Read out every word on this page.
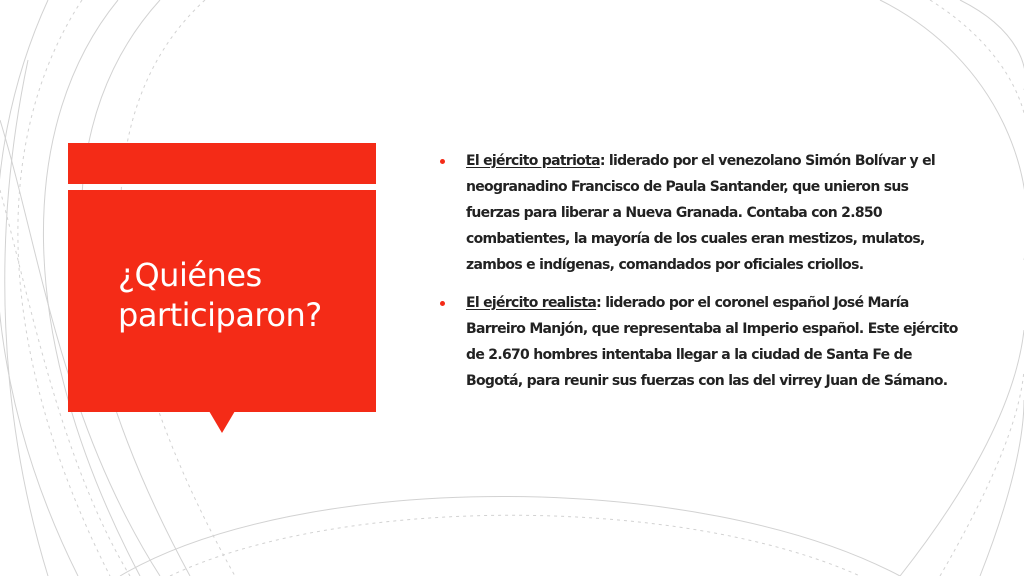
¿Quiénes participaron?
El ejército patriota: liderado por el venezolano Simón Bolívar y el neogranadino Francisco de Paula Santander, que unieron sus fuerzas para liberar a Nueva Granada. Contaba con 2.850 combatientes, la mayoría de los cuales eran mestizos, mulatos, zambos e indígenas, comandados por oficiales criollos.
El ejército realista: liderado por el coronel español José María Barreiro Manjón, que representaba al Imperio español. Este ejército de 2.670 hombres intentaba llegar a la ciudad de Santa Fe de Bogotá, para reunir sus fuerzas con las del virrey Juan de Sámano.
